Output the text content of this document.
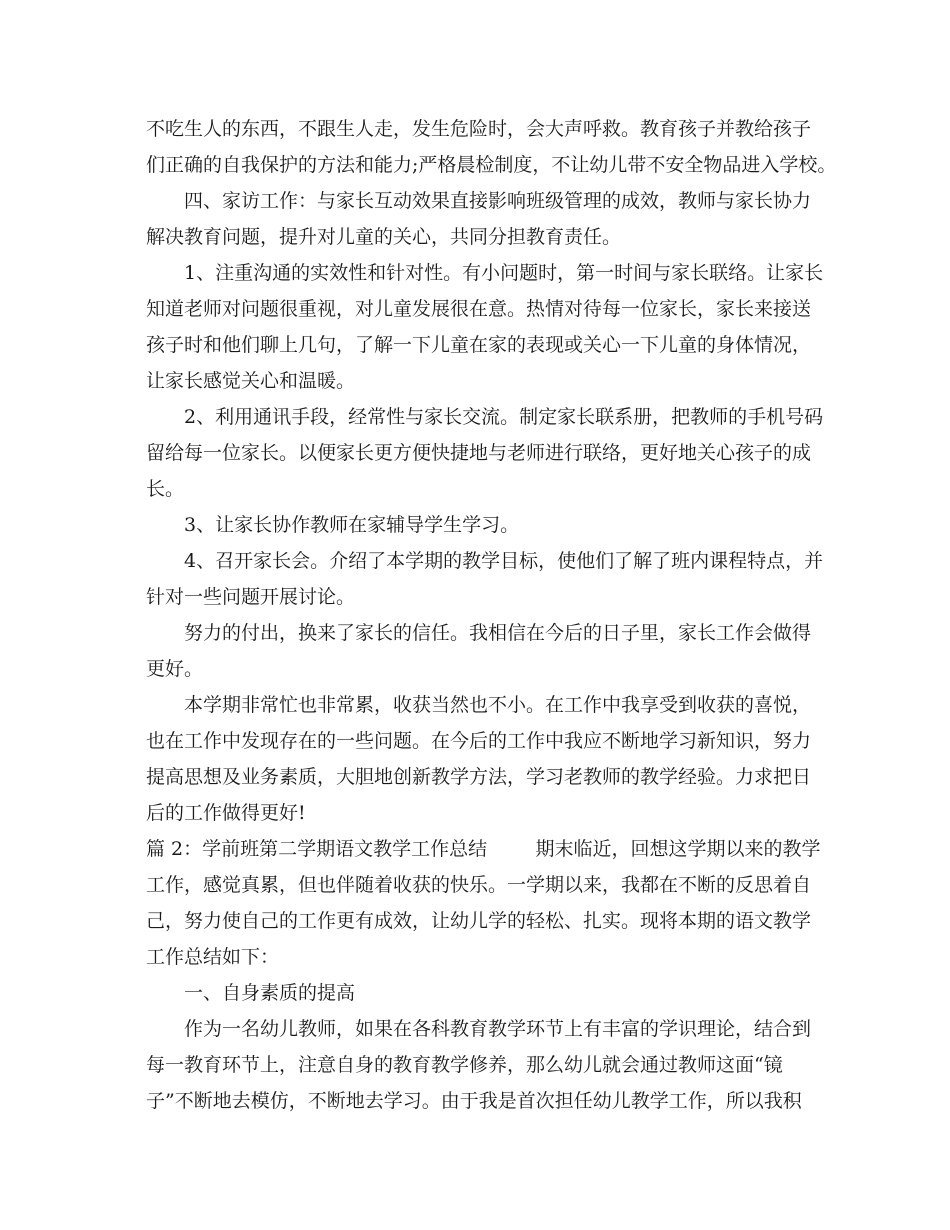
不吃生人的东西，不跟生人走，发生危险时，会大声呼救。教育孩子并教给孩子
们正确的自我保护的方法和能力;严格晨检制度，不让幼儿带不安全物品进入学校。
四、家访工作：与家长互动效果直接影响班级管理的成效，教师与家长协力
解决教育问题，提升对儿童的关心，共同分担教育责任。
1、注重沟通的实效性和针对性。有小问题时，第一时间与家长联络。让家长
知道老师对问题很重视，对儿童发展很在意。热情对待每一位家长，家长来接送
孩子时和他们聊上几句，了解一下儿童在家的表现或关心一下儿童的身体情况，
让家长感觉关心和温暖。
2、利用通讯手段，经常性与家长交流。制定家长联系册，把教师的手机号码
留给每一位家长。以便家长更方便快捷地与老师进行联络，更好地关心孩子的成
长。
3、让家长协作教师在家辅导学生学习。
4、召开家长会。介绍了本学期的教学目标，使他们了解了班内课程特点，并
针对一些问题开展讨论。
努力的付出，换来了家长的信任。我相信在今后的日子里，家长工作会做得
更好。
本学期非常忙也非常累，收获当然也不小。在工作中我享受到收获的喜悦，
也在工作中发现存在的一些问题。在今后的工作中我应不断地学习新知识，努力
提高思想及业务素质，大胆地创新教学方法，学习老教师的教学经验。力求把日
后的工作做得更好!
篇 2：学前班第二学期语文教学工作总结        期末临近，回想这学期以来的教学
工作，感觉真累，但也伴随着收获的快乐。一学期以来，我都在不断的反思着自
己，努力使自己的工作更有成效，让幼儿学的轻松、扎实。现将本期的语文教学
工作总结如下：
一、自身素质的提高
作为一名幼儿教师，如果在各科教育教学环节上有丰富的学识理论，结合到
每一教育环节上，注意自身的教育教学修养，那么幼儿就会通过教师这面“镜
子”不断地去模仿，不断地去学习。由于我是首次担任幼儿教学工作，所以我积
